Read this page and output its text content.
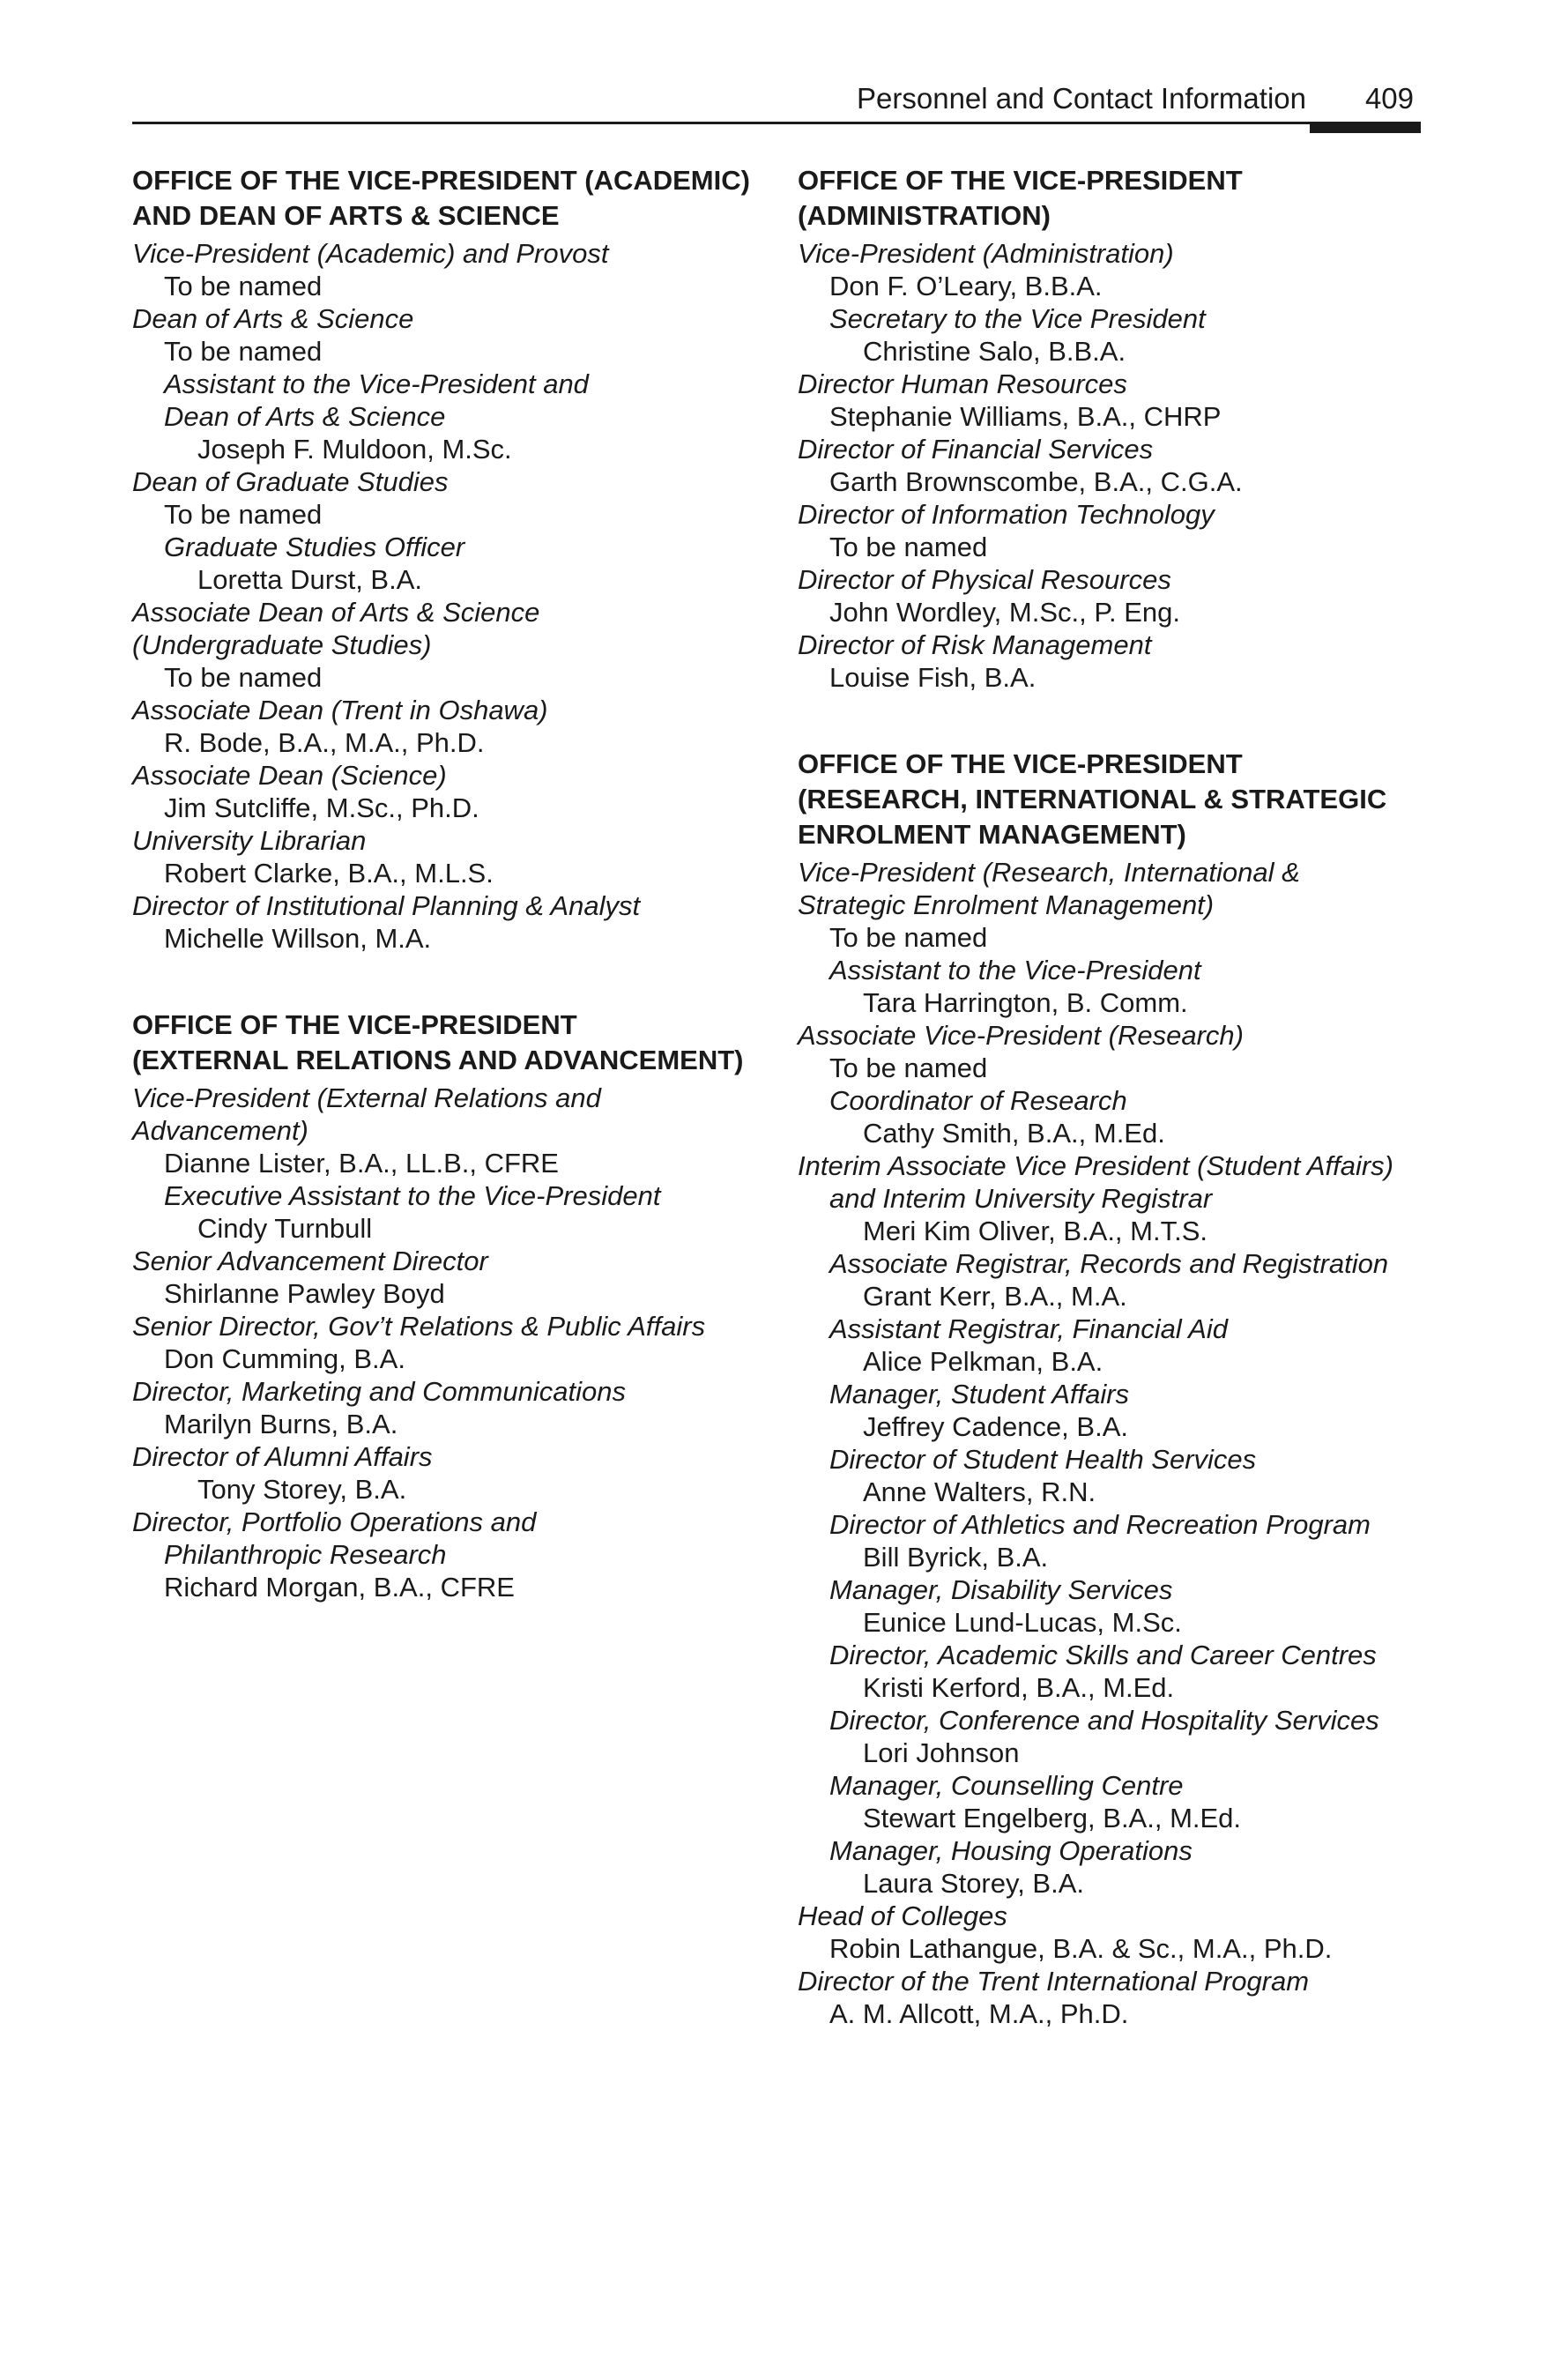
Personnel and Contact Information 409
OFFICE OF THE VICE-PRESIDENT (ACADEMIC)
AND DEAN OF ARTS & SCIENCE
Vice-President (Academic) and Provost
To be named
Dean of Arts & Science
To be named
Assistant to the Vice-President and
Dean of Arts & Science
Joseph F. Muldoon, M.Sc.
Dean of Graduate Studies
To be named
Graduate Studies Officer
Loretta Durst, B.A.
Associate Dean of Arts & Science
(Undergraduate Studies)
To be named
Associate Dean (Trent in Oshawa)
R. Bode, B.A., M.A., Ph.D.
Associate Dean (Science)
Jim Sutcliffe, M.Sc., Ph.D.
University Librarian
Robert Clarke, B.A., M.L.S.
Director of Institutional Planning & Analyst
Michelle Willson, M.A.
OFFICE OF THE VICE-PRESIDENT
(EXTERNAL RELATIONS AND ADVANCEMENT)
Vice-President (External Relations and
Advancement)
Dianne Lister, B.A., LL.B., CFRE
Executive Assistant to the Vice-President
Cindy Turnbull
Senior Advancement Director
Shirlanne Pawley Boyd
Senior Director, Gov’t Relations & Public Affairs
Don Cumming, B.A.
Director, Marketing and Communications
Marilyn Burns, B.A.
Director of Alumni Affairs
Tony Storey, B.A.
Director, Portfolio Operations and
Philanthropic Research
Richard Morgan, B.A., CFRE
OFFICE OF THE VICE-PRESIDENT
(ADMINISTRATION)
Vice-President (Administration)
Don F. O’Leary, B.B.A.
Secretary to the Vice President
Christine Salo, B.B.A.
Director Human Resources
Stephanie Williams, B.A., CHRP
Director of Financial Services
Garth Brownscombe, B.A., C.G.A.
Director of Information Technology
To be named
Director of Physical Resources
John Wordley, M.Sc., P. Eng.
Director of Risk Management
Louise Fish, B.A.
OFFICE OF THE VICE-PRESIDENT
(RESEARCH, INTERNATIONAL & STRATEGIC
ENROLMENT MANAGEMENT)
Vice-President (Research, International &
Strategic Enrolment Management)
To be named
Assistant to the Vice-President
Tara Harrington, B. Comm.
Associate Vice-President (Research)
To be named
Coordinator of Research
Cathy Smith, B.A., M.Ed.
Interim Associate Vice President (Student Affairs)
and Interim University Registrar
Meri Kim Oliver, B.A., M.T.S.
Associate Registrar, Records and Registration
Grant Kerr, B.A., M.A.
Assistant Registrar, Financial Aid
Alice Pelkman, B.A.
Manager, Student Affairs
Jeffrey Cadence, B.A.
Director of Student Health Services
Anne Walters, R.N.
Director of Athletics and Recreation Program
Bill Byrick, B.A.
Manager, Disability Services
Eunice Lund-Lucas, M.Sc.
Director, Academic Skills and Career Centres
Kristi Kerford, B.A., M.Ed.
Director, Conference and Hospitality Services
Lori Johnson
Manager, Counselling Centre
Stewart Engelberg, B.A., M.Ed.
Manager, Housing Operations
Laura Storey, B.A.
Head of Colleges
Robin Lathangue, B.A. & Sc., M.A., Ph.D.
Director of the Trent International Program
A. M. Allcott, M.A., Ph.D.
